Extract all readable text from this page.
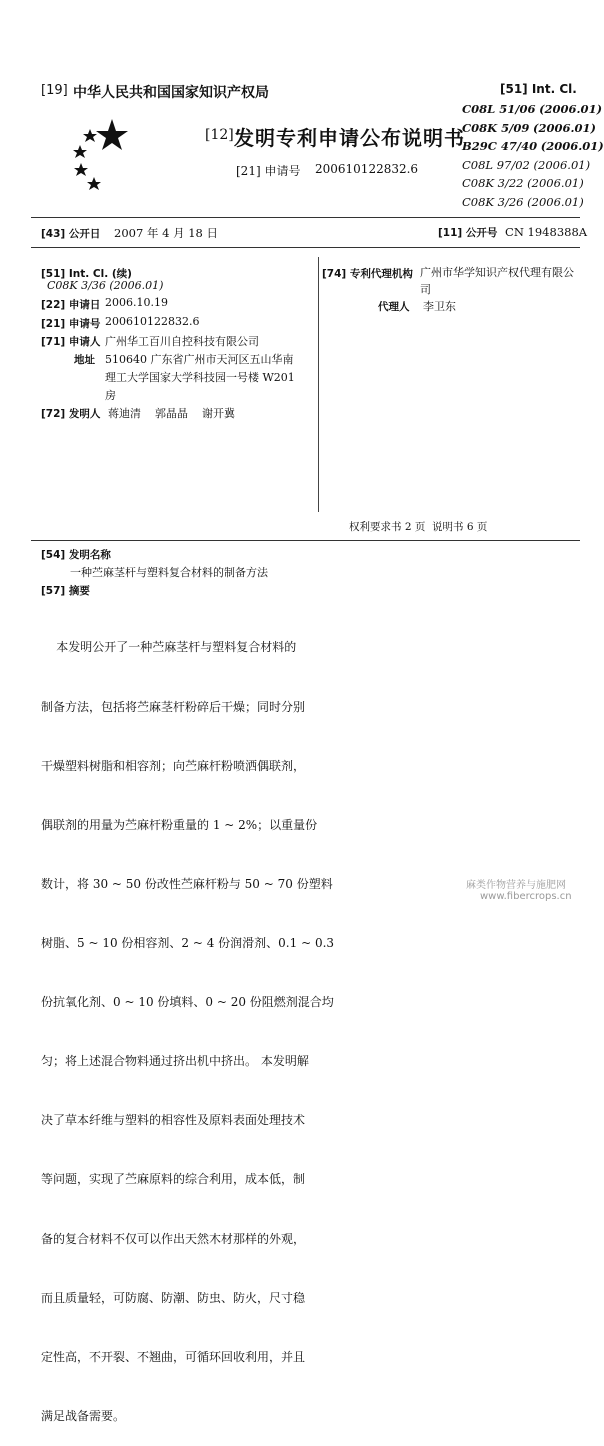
[19] 中华人民共和国国家知识产权局
[12] 发明专利申请公布说明书
[21] 申请号 200610122832.6
[51] Int. Cl.
C08L 51/06 (2006.01)
C08K 5/09 (2006.01)
B29C 47/40 (2006.01)
C08L 97/02 (2006.01)
C08K 3/22 (2006.01)
C08K 3/26 (2006.01)
[43] 公开日 2007 年 4 月 18 日	[11] 公开号 CN 1948388A
[51] Int. Cl. (续)
C08K 3/36 (2006.01)
[22] 申请日 2006.10.19
[21] 申请号 200610122832.6
[71] 申请人 广州华工百川自控科技有限公司
地址 510640 广东省广州市天河区五山华南
理工大学国家大学科技园一号楼 W201
房
[72] 发明人 蒋迪清    郭晶晶    谢开冀
[74] 专利代理机构 广州市华学知识产权代理有限公
司
代理人 李卫东
权利要求书 2 页  说明书 6 页
[54] 发明名称
一种苎麻茎杆与塑料复合材料的制备方法
[57] 摘要

本发明公开了一种苎麻茎杆与塑料复合材料的

制备方法，包括将苎麻茎杆粉碎后干燥；同时分别

干燥塑料树脂和相容剂；向苎麻杆粉喷洒偶联剂，

偶联剂的用量为苎麻杆粉重量的 1 ~ 2%；以重量份

数计，将 30 ~ 50 份改性苎麻杆粉与 50 ~ 70 份塑料

树脂、5 ~ 10 份相容剂、2 ~ 4 份润滑剂、0.1 ~ 0.3

份抗氧化剂、0 ~ 10 份填料、0 ~ 20 份阻燃剂混合均

匀；将上述混合物料通过挤出机中挤出。 本发明解

决了草本纤维与塑料的相容性及原料表面处理技术

等问题，实现了苎麻原料的综合利用，成本低，制

备的复合材料不仅可以作出天然木材那样的外观，

而且质量轻，可防腐、防潮、防虫、防火，尺寸稳

定性高，不开裂、不翘曲，可循环回收利用，并且

满足战备需要。

麻类作物营养与施肥网
www.fibercrops.cn
